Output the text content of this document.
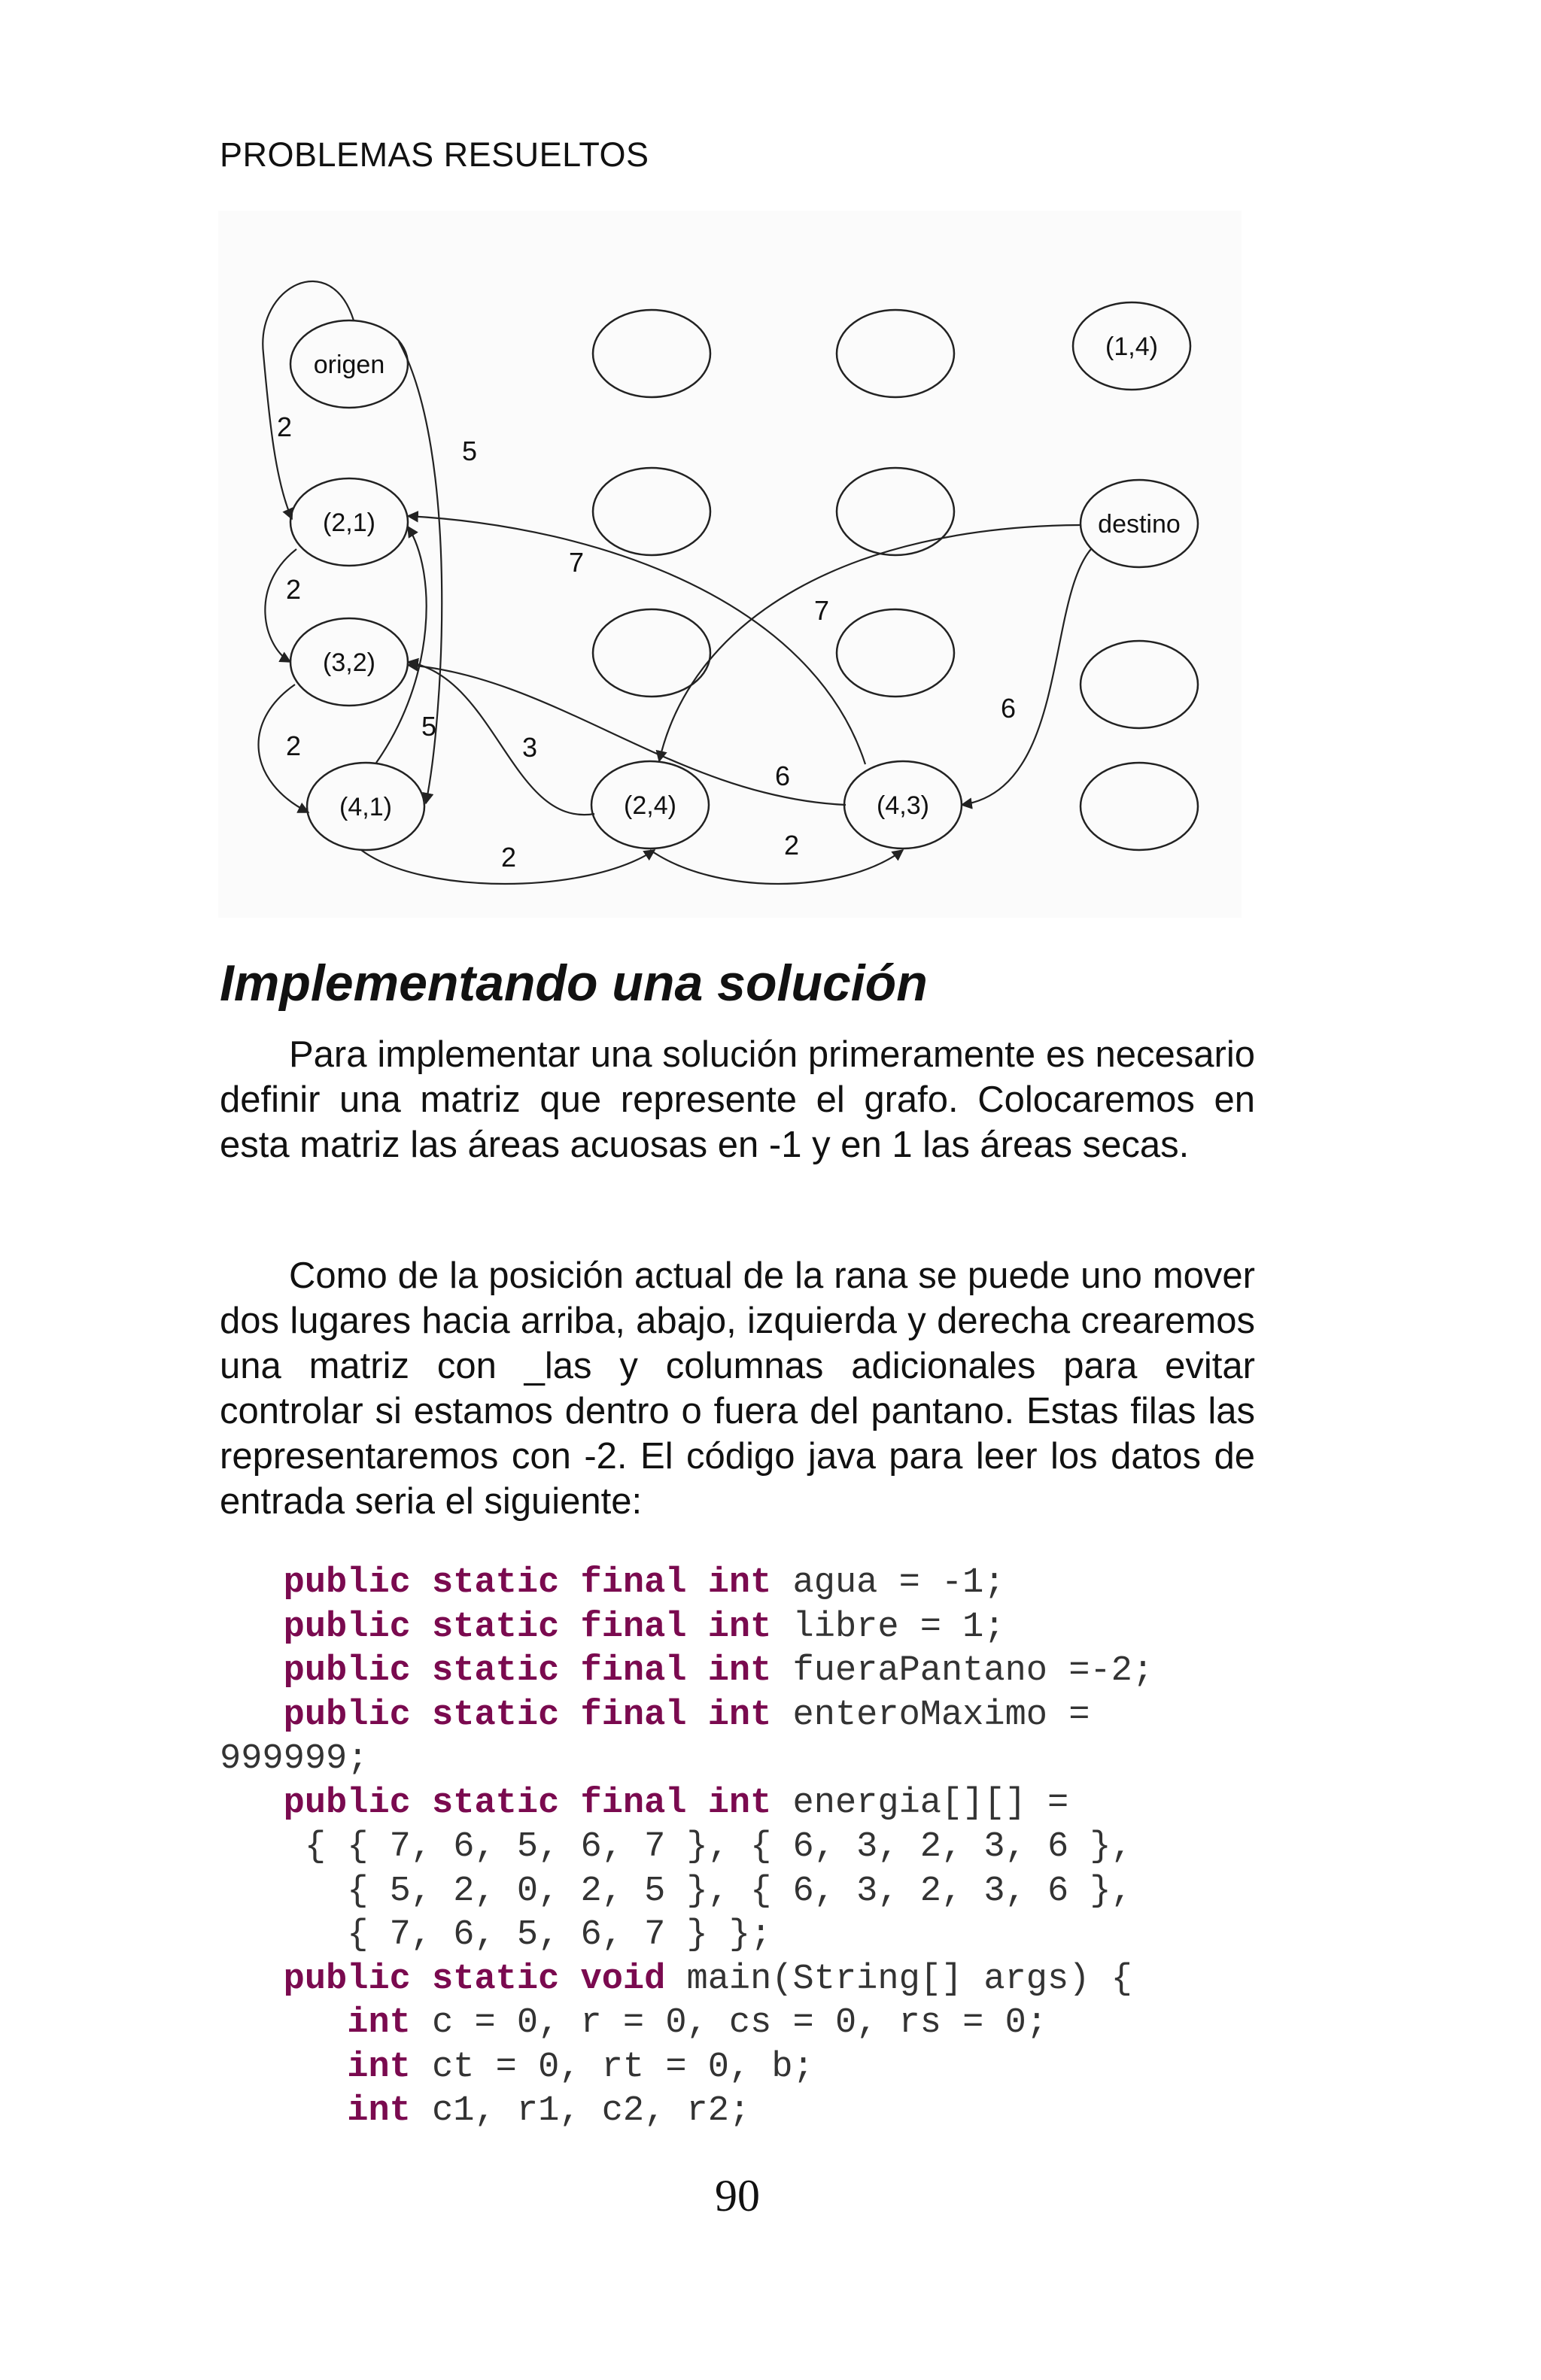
PROBLEMAS RESUELTOS
origen
(1,4)
(2,1)	destino
(3,2)
(4,1)	(2,4)	(4,3)
2
5
2
2
5
7
7
3
6
6
2	2
Implementando una solución

Para implementar una solución primeramente es necesario definir una matriz que represente el grafo. Colocaremos en esta matriz las áreas acuosas en -1 y en 1 las áreas secas.

Como de la posición actual de la rana se puede uno mover dos lugares hacia arriba, abajo, izquierda y derecha crearemos una matriz con _las y columnas adicionales para evitar controlar si estamos dentro o fuera del pantano. Estas filas las representaremos con -2. El código java para leer los datos de entrada seria el siguiente:

public static final int agua = -1;
public static final int libre = 1;
public static final int fueraPantano =-2;
public static final int enteroMaximo =
999999;
public static final int energia[][] =
{ { 7, 6, 5, 6, 7 }, { 6, 3, 2, 3, 6 },
{ 5, 2, 0, 2, 5 }, { 6, 3, 2, 3, 6 },
{ 7, 6, 5, 6, 7 } };
public static void main(String[] args) {
int c = 0, r = 0, cs = 0, rs = 0;
int ct = 0, rt = 0, b;
int c1, r1, c2, r2;
90
